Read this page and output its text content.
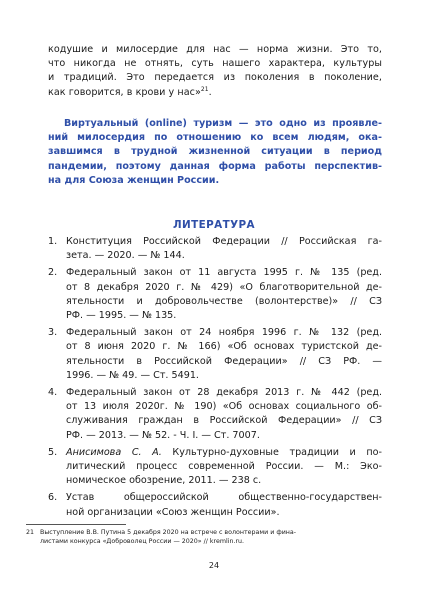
кодушие и милосердие для нас — норма жизни. Это то,
что никогда не отнять, суть нашего характера, культуры
и традиций. Это передается из поколения в поколение,
как говорится, в крови у нас»$^{21}$.
Виртуальный (online) туризм — это одно из проявле-
ний милосердия по отношению ко всем людям, ока-
завшимся в трудной жизненной ситуации в период
пандемии, поэтому данная форма работы перспектив-
на для Союза женщин России.
ЛИТЕРАТУРА
1. Конституция Российской Федерации // Российская га-
зета. — 2020. — № 144.
2. Федеральный закон от 11 августа 1995 г. № 135 (ред.
от 8 декабря 2020 г. № 429) «О благотворительной де-
ятельности и добровольчестве (волонтерстве)» // СЗ
РФ. — 1995. — № 135.
3. Федеральный закон от 24 ноября 1996 г. № 132 (ред.
от 8 июня 2020 г. № 166) «Об основах туристской де-
ятельности в Российской Федерации» // СЗ РФ. —
1996. — № 49. — Ст. 5491.
4. Федеральный закон от 28 декабря 2013 г. № 442 (ред.
от 13 июля 2020г. № 190) «Об основах социального об-
служивания граждан в Российской Федерации» // СЗ
РФ. — 2013. — № 52. - Ч. I. — Ст. 7007.
5. Анисимова С. А. Культурно-духовные традиции и по-
литический процесс современной России. — М.: Эко-
номическое обозрение, 2011. — 238 с.
6. Устав общероссийской общественно-государствен-
ной организации «Союз женщин России».
21 Выступление В.В. Путина 5 декабря 2020 на встрече с волонтерами и фина-
листами конкурса «Доброволец России — 2020» // kremlin.ru.
24
